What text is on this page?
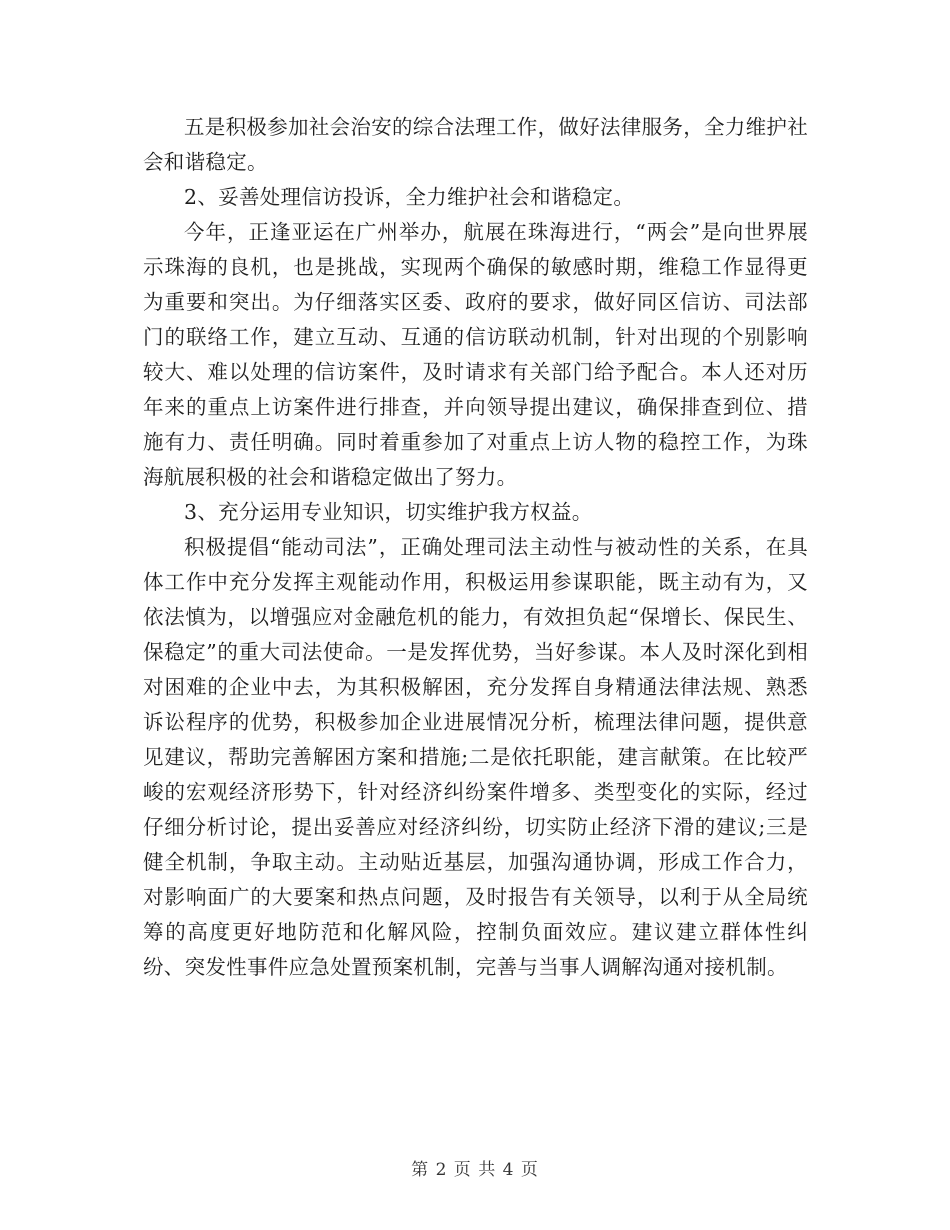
五是积极参加社会治安的综合法理工作，做好法律服务，全力维护社会和谐稳定。

2、妥善处理信访投诉，全力维护社会和谐稳定。

今年，正逢亚运在广州举办，航展在珠海进行，“两会”是向世界展示珠海的良机，也是挑战，实现两个确保的敏感时期，维稳工作显得更为重要和突出。为仔细落实区委、政府的要求，做好同区信访、司法部门的联络工作，建立互动、互通的信访联动机制，针对出现的个别影响较大、难以处理的信访案件，及时请求有关部门给予配合。本人还对历年来的重点上访案件进行排查，并向领导提出建议，确保排查到位、措施有力、责任明确。同时着重参加了对重点上访人物的稳控工作，为珠海航展积极的社会和谐稳定做出了努力。

3、充分运用专业知识，切实维护我方权益。

积极提倡“能动司法”，正确处理司法主动性与被动性的关系，在具体工作中充分发挥主观能动作用，积极运用参谋职能，既主动有为，又依法慎为，以增强应对金融危机的能力，有效担负起“保增长、保民生、保稳定”的重大司法使命。一是发挥优势，当好参谋。本人及时深化到相对困难的企业中去，为其积极解困，充分发挥自身精通法律法规、熟悉诉讼程序的优势，积极参加企业进展情况分析，梳理法律问题，提供意见建议，帮助完善解困方案和措施;二是依托职能，建言献策。在比较严峻的宏观经济形势下，针对经济纠纷案件增多、类型变化的实际，经过仔细分析讨论，提出妥善应对经济纠纷，切实防止经济下滑的建议;三是健全机制，争取主动。主动贴近基层，加强沟通协调，形成工作合力，对影响面广的大要案和热点问题，及时报告有关领导，以利于从全局统筹的高度更好地防范和化解风险，控制负面效应。建议建立群体性纠纷、突发性事件应急处置预案机制，完善与当事人调解沟通对接机制。

第 2 页 共 4 页
